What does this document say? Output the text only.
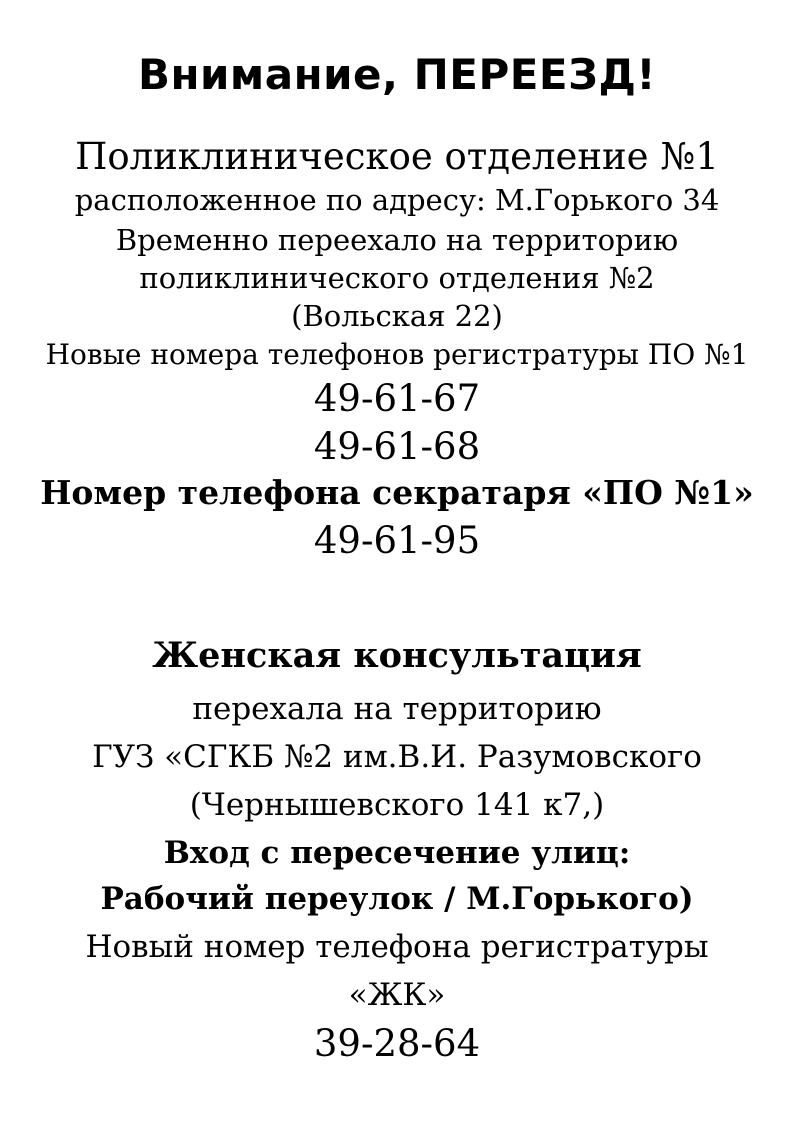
Внимание, ПЕРЕЕЗД!
Поликлиническое отделение №1
расположенное по адресу: М.Горького 34
Временно переехало на территорию
поликлинического отделения №2
(Вольская 22)
Новые номера телефонов регистратуры ПО №1
49-61-67
49-61-68
Номер телефона секратаря «ПО №1»
49-61-95
Женская консультация
перехала на территорию
ГУЗ «СГКБ №2 им.В.И. Разумовского
(Чернышевского 141 к7,)
Вход с пересечение улиц:
Рабочий переулок / М.Горького)
Новый номер телефона регистратуры
«ЖК»
39-28-64
